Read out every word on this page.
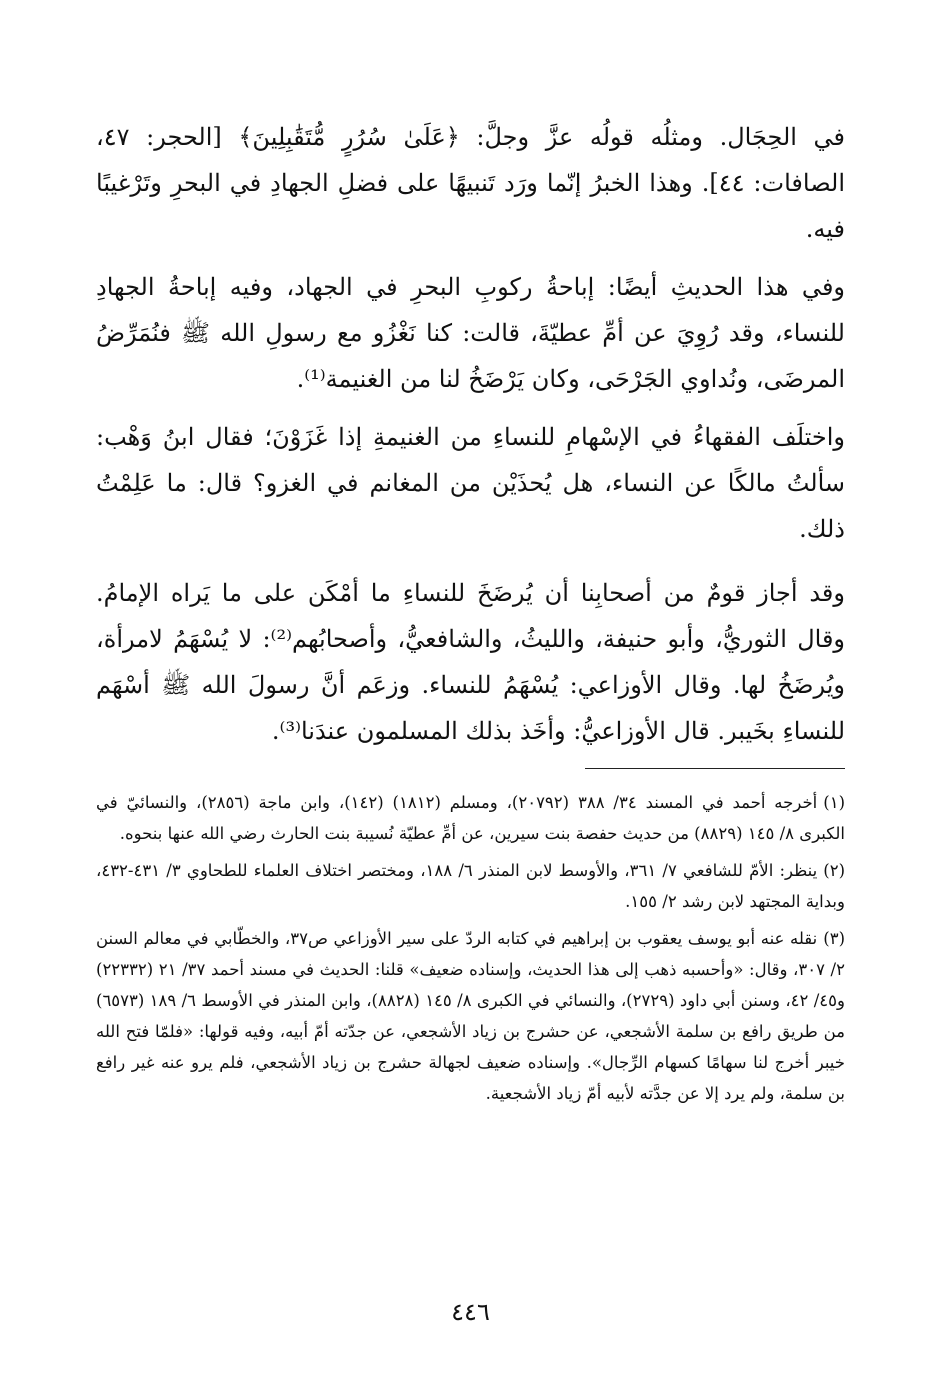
في الحِجَال. ومثلُه قولُه عزَّ وجلَّ: ﴿عَلَىٰ سُرُرٍ مُّتَقَٰبِلِينَ﴾ [الحجر: ٤٧، الصافات: ٤٤]. وهذا الخبرُ إنّما ورَد تَنبيهًا على فضلِ الجهادِ في البحرِ وتَرْغيبًا فيه.

وفي هذا الحديثِ أيضًا: إباحةُ ركوبِ البحرِ في الجهاد، وفيه إباحةُ الجهادِ للنساء، وقد رُوِيَ عن أمِّ عطيّةَ، قالت: كنا نَغْزُو مع رسولِ الله ﷺ فنُمَرِّضُ المرضَى، ونُداوي الجَرْحَى، وكان يَرْضَخُ لنا من الغنيمة⁽¹⁾.

واختلَف الفقهاءُ في الإسْهامِ للنساءِ من الغنيمةِ إذا غَزَوْنَ؛ فقال ابنُ وَهْب: سألتُ مالكًا عن النساء، هل يُحذَيْن من المغانم في الغزو؟ قال: ما عَلِمْتُ ذلك.

وقد أجاز قومٌ من أصحابِنا أن يُرضَخَ للنساءِ ما أمْكَن على ما يَراه الإمامُ. وقال الثوريُّ، وأبو حنيفة، والليثُ، والشافعيُّ، وأصحابُهم⁽²⁾: لا يُسْهَمُ لامرأة، ويُرضَخُ لها. وقال الأوزاعي: يُسْهَمُ للنساء. وزعَم أنَّ رسولَ الله ﷺ أسْهَم للنساءِ بخَيبر. قال الأوزاعيُّ: وأخَذ بذلك المسلمون عندَنا⁽³⁾.

(١)أخرجه أحمد في المسند ٣٤/ ٣٨٨ (٢٠٧٩٢)، ومسلم (١٨١٢) (١٤٢)، وابن ماجة (٢٨٥٦)، والنسائيّ في الكبرى ٨/ ١٤٥ (٨٨٢٩) من حديث حفصة بنت سيرين، عن أمِّ عطيّة نُسيبة بنت الحارث رضي الله عنها بنحوه.

(٢)ينظر: الأمّ للشافعي ٧/ ٣٦١، والأوسط لابن المنذر ٦/ ١٨٨، ومختصر اختلاف العلماء للطحاوي ٣/ ٤٣١-٤٣٢، وبداية المجتهد لابن رشد ٢/ ١٥٥.

(٣)نقله عنه أبو يوسف يعقوب بن إبراهيم في كتابه الردّ على سير الأوزاعي ص٣٧، والخطّابي في معالم السنن ٢/ ٣٠٧، وقال: «وأحسبه ذهب إلى هذا الحديث، وإسناده ضعيف» قلنا: الحديث في مسند أحمد ٣٧/ ٢١ (٢٢٣٣٢) و٤٥/ ٤٢، وسنن أبي داود (٢٧٢٩)، والنسائي في الكبرى ٨/ ١٤٥ (٨٨٢٨)، وابن المنذر في الأوسط ٦/ ١٨٩ (٦٥٧٣) من طريق رافع بن سلمة الأشجعي، عن حشرج بن زياد الأشجعي، عن جدّته أمّ أبيه، وفيه قولها: «فلمّا فتح الله خيبر أخرج لنا سهامًا كسهام الرِّجال». وإسناده ضعيف لجهالة حشرج بن زياد الأشجعي، فلم يرو عنه غير رافع بن سلمة، ولم يرد إلا عن جدَّته لأبيه أمّ زياد الأشجعية.

٤٤٦
